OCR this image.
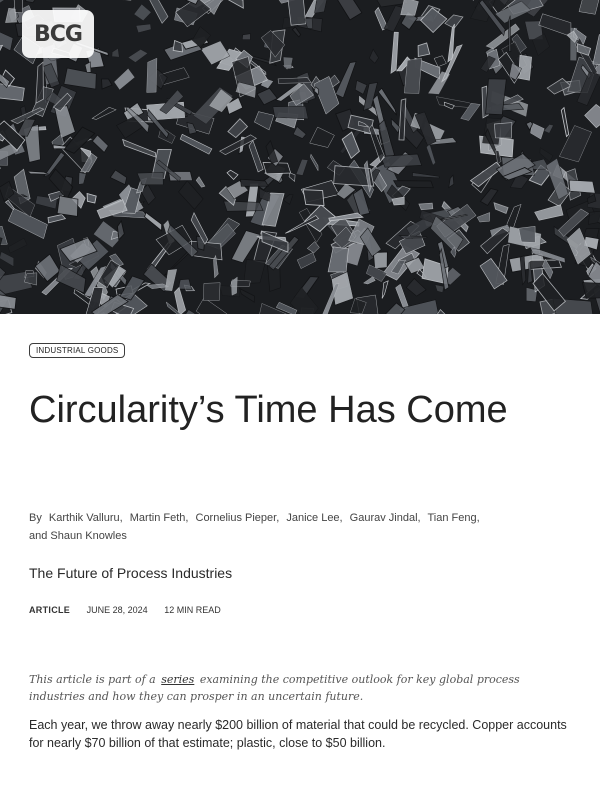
BCG
INDUSTRIAL GOODS
Circularity’s Time Has Come
By Karthik Valluru, Martin Feth, Cornelius Pieper, Janice Lee, Gaurav Jindal, Tian Feng,
and Shaun Knowles
The Future of Process Industries
ARTICLE JUNE 28, 2024 12 MIN READ

This article is part of a series examining the competitive outlook for key global process industries and how they can prosper in an uncertain future.

Each year, we throw away nearly $200 billion of material that could be recycled. Copper accounts for nearly $70 billion of that estimate; plastic, close to $50 billion.
